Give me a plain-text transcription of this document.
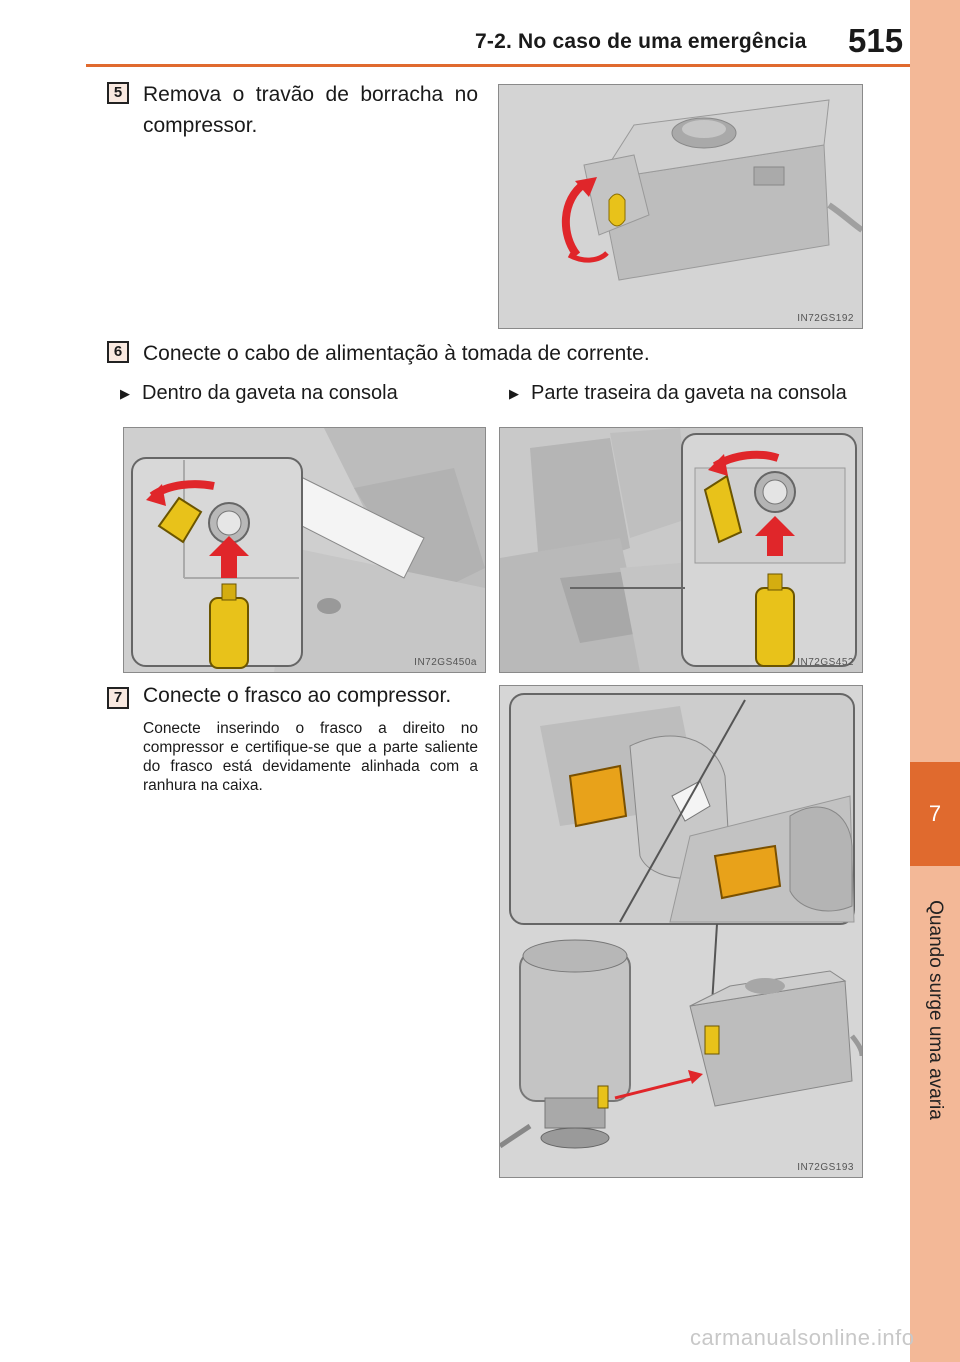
7-2. No caso de uma emergência 515
7
Quando surge uma avaria
5 Remova o travão de borracha no
compressor.
IN72GS192
6 Conecte o cabo de alimentação à tomada de corrente.
▶ Dentro da gaveta na consola	▶ Parte traseira da gaveta na consola
IN72GS450a	IN72GS452
7 Conecte o frasco ao compressor.
Conecte inserindo o frasco a direito no compressor e certifique-se que a parte saliente do frasco está devidamente alinhada com a ranhura na caixa.
IN72GS193
carmanualsonline.info
